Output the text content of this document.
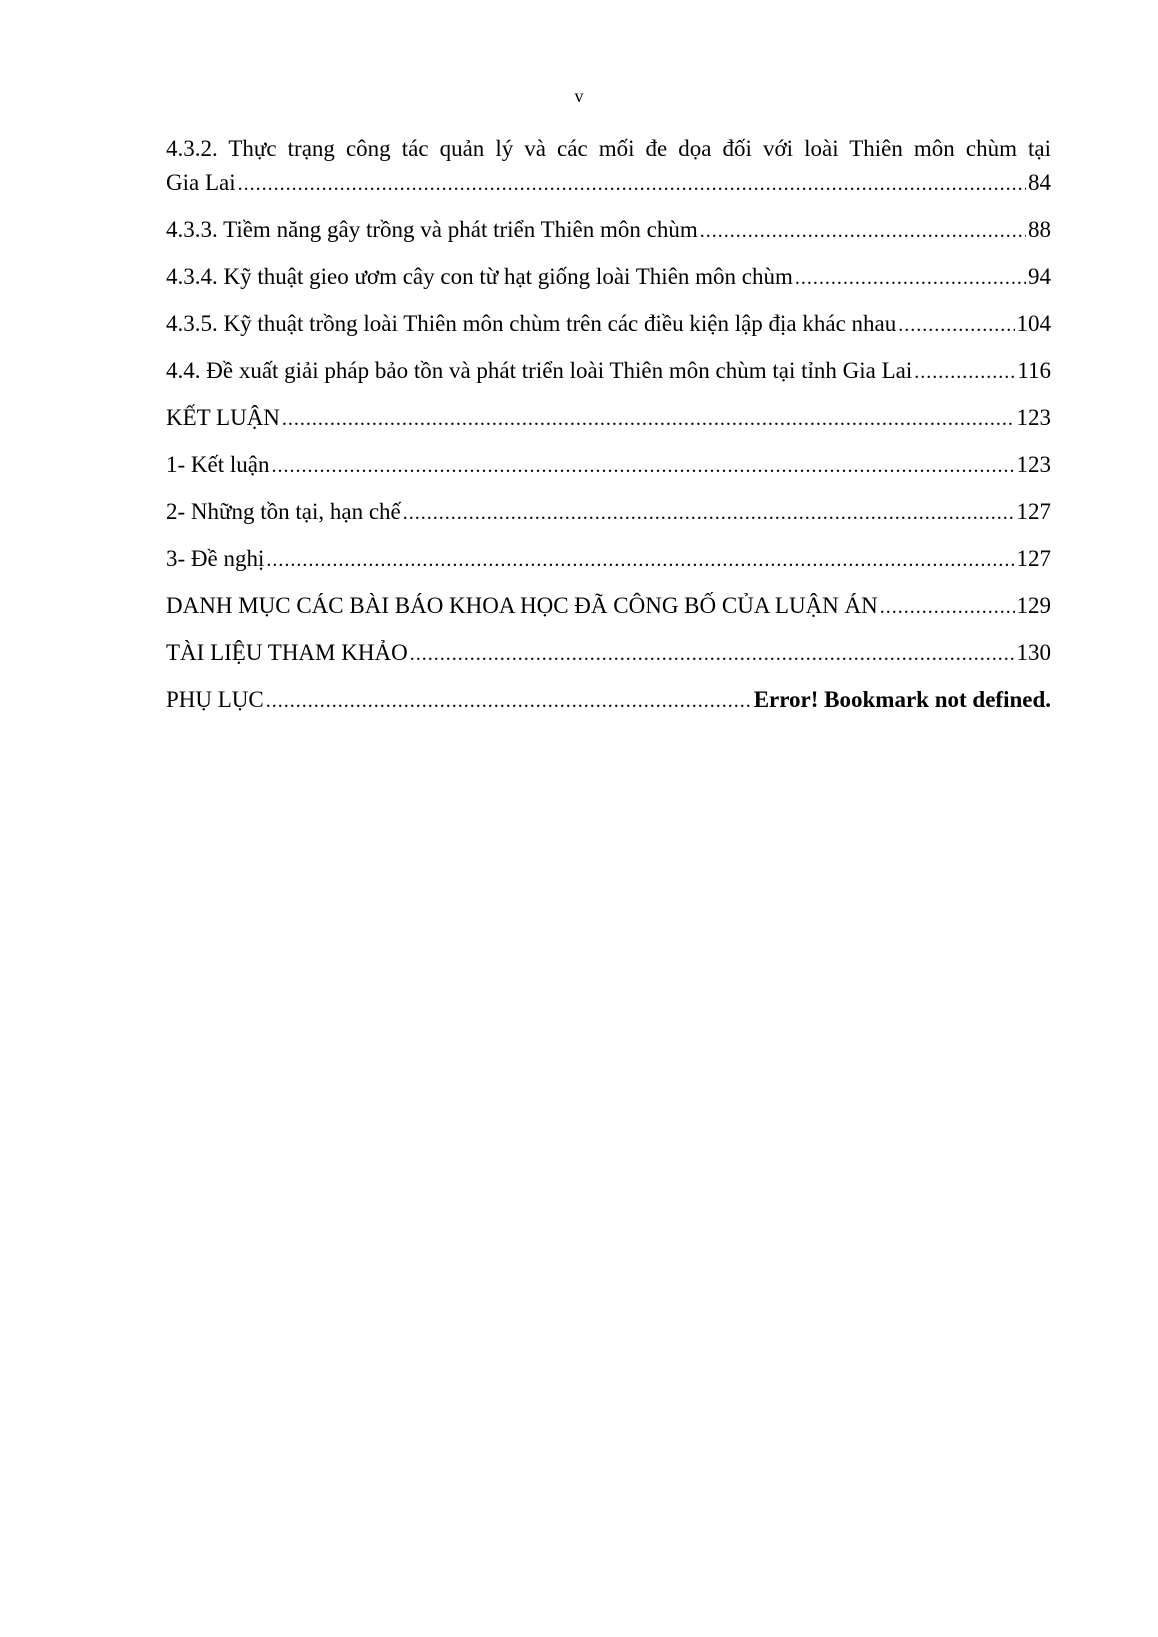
v
4.3.2. Thực trạng công tác quản lý và các mối đe dọa đối với loài Thiên môn chùm tại
Gia Lai .....	84
4.3.3. Tiềm năng gây trồng và phát triển Thiên môn chùm .....	88
4.3.4. Kỹ thuật gieo ươm cây con từ hạt giống loài Thiên môn chùm .....	94
4.3.5. Kỹ thuật trồng loài Thiên môn chùm trên các điều kiện lập địa khác nhau .....	104
4.4. Đề xuất giải pháp bảo tồn và phát triển loài Thiên môn chùm tại tỉnh Gia Lai .....	116
KẾT LUẬN .....	123
1- Kết luận .....	123
2- Những tồn tại, hạn chế .....	127
3- Đề nghị .....	127
DANH MỤC CÁC BÀI BÁO KHOA HỌC ĐÃ CÔNG BỐ CỦA LUẬN ÁN .....	129
TÀI LIỆU THAM KHẢO .....	130
PHỤ LỤC .....	Error! Bookmark not defined.
